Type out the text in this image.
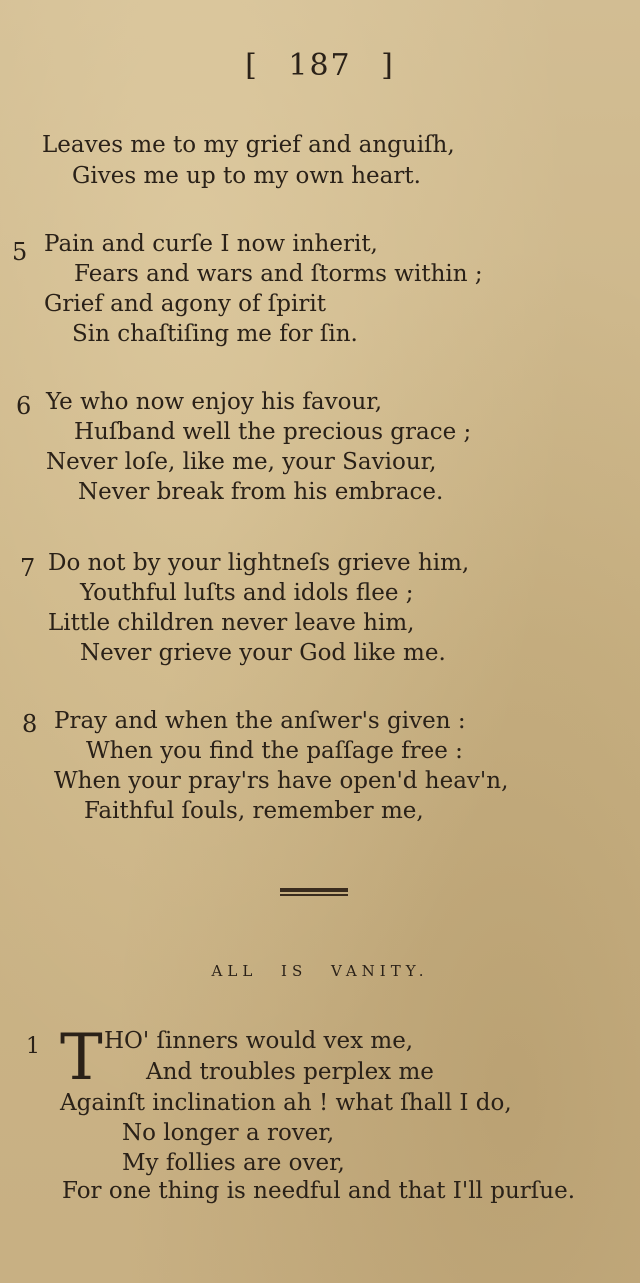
[ 187 ]
Leaves me to my grief and anguiſh,
Gives me up to my own heart.
5 Pain and curſe I now inherit,
Fears and wars and ſtorms within ;
Grief and agony of ſpirit
Sin chaſtiſing me for ſin.
6 Ye who now enjoy his favour,
Huſband well the precious grace ;
Never loſe, like me, your Saviour,
Never break from his embrace.
7 Do not by your lightneſs grieve him,
Youthful luſts and idols flee ;
Little children never leave him,
Never grieve your God like me.
8 Pray and when the anſwer's given :
When you find the paſſage free :
When your pray'rs have open'd heav'n,
Faithful ſouls, remember me,
ALL IS VANITY.
1 T HO' ſinners would vex me,
And troubles perplex me
Againſt inclination ah ! what ſhall I do,
No longer a rover,
My follies are over,
For one thing is needful and that I'll purſue.
